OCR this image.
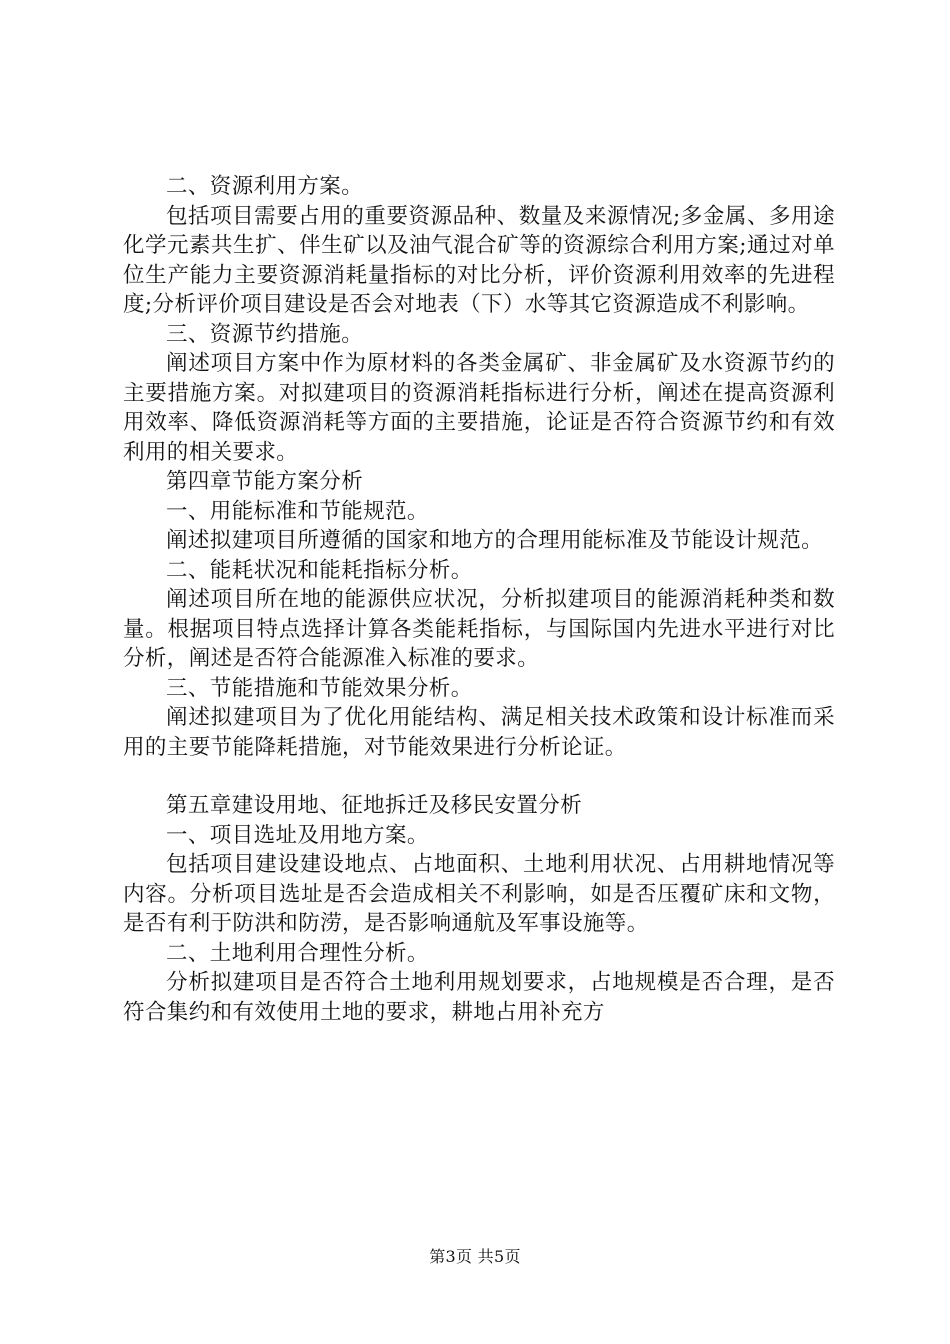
二、资源利用方案。

包括项目需要占用的重要资源品种、数量及来源情况;多金属、多用途化学元素共生扩、伴生矿以及油气混合矿等的资源综合利用方案;通过对单位生产能力主要资源消耗量指标的对比分析，评价资源利用效率的先进程度;分析评价项目建设是否会对地表（下）水等其它资源造成不利影响。

三、资源节约措施。

阐述项目方案中作为原材料的各类金属矿、非金属矿及水资源节约的主要措施方案。对拟建项目的资源消耗指标进行分析，阐述在提高资源利用效率、降低资源消耗等方面的主要措施，论证是否符合资源节约和有效利用的相关要求。

第四章节能方案分析

一、用能标准和节能规范。

阐述拟建项目所遵循的国家和地方的合理用能标准及节能设计规范。

二、能耗状况和能耗指标分析。

阐述项目所在地的能源供应状况，分析拟建项目的能源消耗种类和数量。根据项目特点选择计算各类能耗指标，与国际国内先进水平进行对比分析，阐述是否符合能源准入标准的要求。

三、节能措施和节能效果分析。

阐述拟建项目为了优化用能结构、满足相关技术政策和设计标准而采用的主要节能降耗措施，对节能效果进行分析论证。

第五章建设用地、征地拆迁及移民安置分析

一、项目选址及用地方案。

包括项目建设建设地点、占地面积、土地利用状况、占用耕地情况等内容。分析项目选址是否会造成相关不利影响，如是否压覆矿床和文物，是否有利于防洪和防涝，是否影响通航及军事设施等。

二、土地利用合理性分析。

分析拟建项目是否符合土地利用规划要求，占地规模是否合理，是否符合集约和有效使用土地的要求，耕地占用补充方

第3页 共5页
